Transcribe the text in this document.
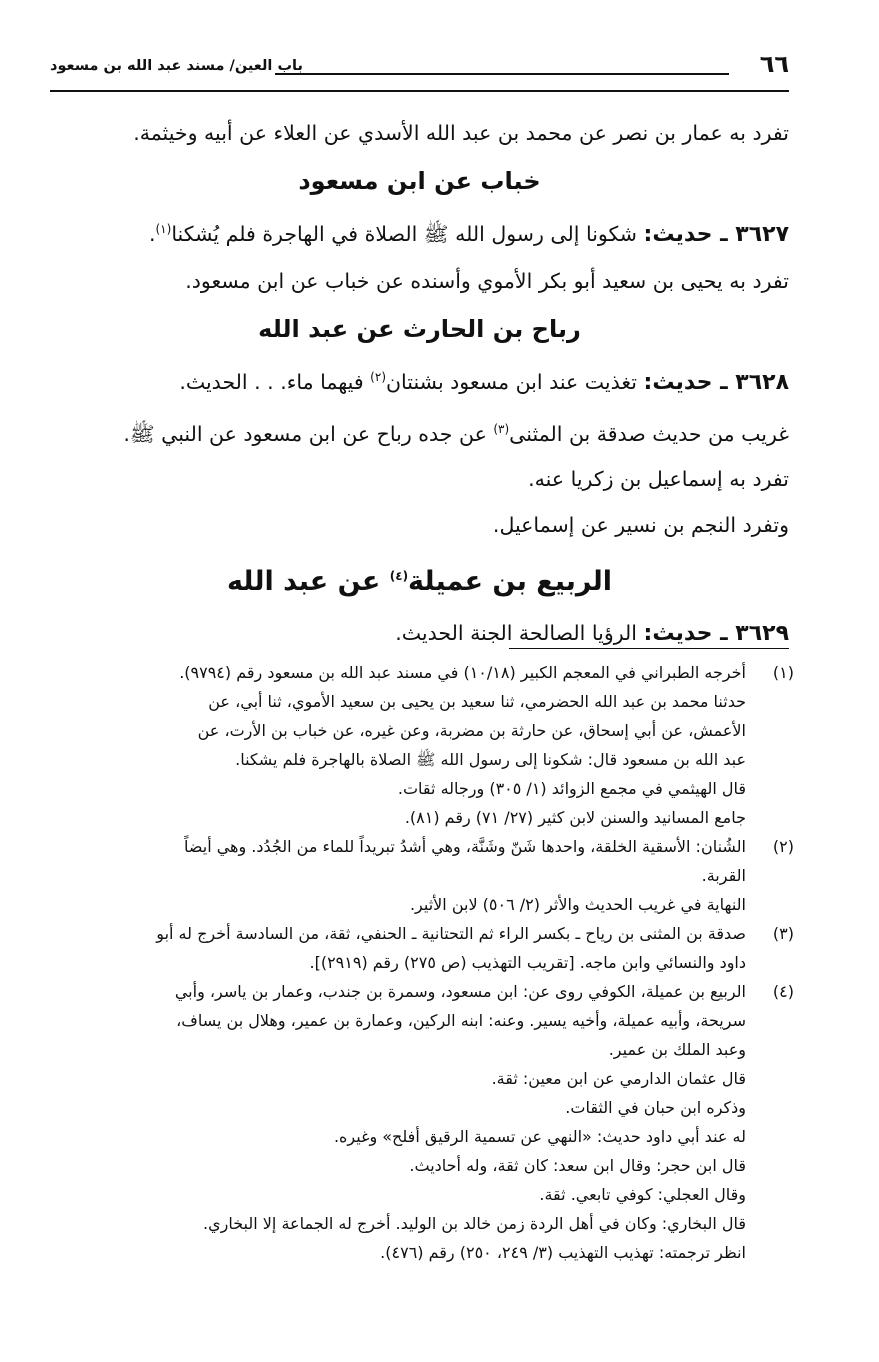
٦٦
باب العين/ مسند عبد الله بن مسعود

تفرد به عمار بن نصر عن محمد بن عبد الله الأسدي عن العلاء عن أبيه وخيثمة.

خباب عن ابن مسعود

٣٦٢٧ ـ حديث: شكونا إلى رسول الله ﷺ الصلاة في الهاجرة فلم يُشكنا$^{(١)}$.

تفرد به يحيى بن سعيد أبو بكر الأموي وأسنده عن خباب عن ابن مسعود.

رباح بن الحارث عن عبد الله

٣٦٢٨ ـ حديث: تغذيت عند ابن مسعود بشنتان$^{(٢)}$ فيهما ماء. . . الحديث.

غريب من حديث صدقة بن المثنى$^{(٣)}$ عن جده رباح عن ابن مسعود عن النبي ﷺ.

تفرد به إسماعيل بن زكريا عنه.

وتفرد النجم بن نسير عن إسماعيل.

الربيع بن عميلة$^{(٤)}$ عن عبد الله

٣٦٢٩ ـ حديث: الرؤيا الصالحة الجنة الحديث.

(١)

أخرجه الطبراني في المعجم الكبير (١٠/١٨) في مسند عبد الله بن مسعود رقم (٩٧٩٤).

حدثنا محمد بن عبد الله الحضرمي، ثنا سعيد بن يحيى بن سعيد الأموي، ثنا أبي، عن

الأعمش، عن أبي إسحاق، عن حارثة بن مضربة، وعن غيره، عن خباب بن الأرت، عن

عبد الله بن مسعود قال: شكونا إلى رسول الله ﷺ الصلاة بالهاجرة فلم يشكنا.

قال الهيثمي في مجمع الزوائد (١/ ٣٠٥) ورجاله ثقات.

جامع المسانيد والسنن لابن كثير (٢٧/ ٧١) رقم (٨١).

(٢)

الشُنان: الأسقية الخلقة، واحدها شَنّ وشَنَّة، وهي أشدُ تبريداً للماء من الجُدُد. وهي أيضاً

القربة.

النهاية في غريب الحديث والأثر (٢/ ٥٠٦) لابن الأثير.

(٣)

صدقة بن المثنى بن رياح ـ بكسر الراء ثم التحتانية ـ الحنفي، ثقة، من السادسة أخرج له أبو

داود والنسائي وابن ماجه. [تقريب التهذيب (ص ٢٧٥) رقم (٢٩١٩)].

(٤)

الربيع بن عميلة، الكوفي روى عن: ابن مسعود، وسمرة بن جندب، وعمار بن ياسر، وأبي

سريحة، وأبيه عميلة، وأخيه يسير. وعنه: ابنه الركين، وعمارة بن عمير، وهلال بن يساف،

وعبد الملك بن عمير.

قال عثمان الدارمي عن ابن معين: ثقة.

وذكره ابن حبان في الثقات.

له عند أبي داود حديث: «النهي عن تسمية الرقيق أفلح» وغيره.

قال ابن حجر: وقال ابن سعد: كان ثقة، وله أحاديث.

وقال العجلي: كوفي تابعي. ثقة.

قال البخاري: وكان في أهل الردة زمن خالد بن الوليد. أخرج له الجماعة إلا البخاري.

انظر ترجمته: تهذيب التهذيب (٣/ ٢٤٩، ٢٥٠) رقم (٤٧٦).
